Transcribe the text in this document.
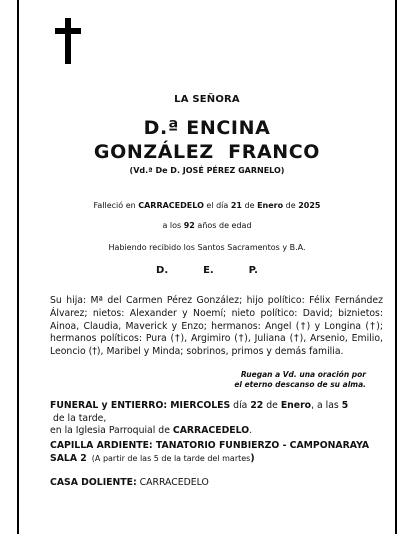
LA SEÑORA
D.ª ENCINA
GONZÁLEZ  FRANCO
(Vd.ª De D. JOSÉ PÉREZ GARNELO)
Falleció en CARRACEDELO el día 21 de Enero de 2025
a los 92 años de edad
Habiendo recibido los Santos Sacramentos y B.A.
D.  E.  P.
Su hija: Mª del Carmen Pérez González; hijo político: Félix Fernández Álvarez; nietos: Alexander y Noemí; nieto político: David; biznietos: Ainoa, Claudia, Maverick y Enzo; hermanos: Angel (†) y Longina (†); hermanos políticos: Pura (†), Argimiro (†), Juliana (†), Arsenio, Emilio, Leoncio (†), Maribel y Minda; sobrinos, primos y demás familia.
Ruegan a Vd. una oración por
el eterno descanso de su alma.
FUNERAL y ENTIERRO: MIERCOLES día 22 de Enero, a las 5 de la tarde,
en la Iglesia Parroquial de CARRACEDELO.
CAPILLA ARDIENTE: TANATORIO FUNBIERZO - CAMPONARAYA
SALA 2  (A partir de las 5 de la tarde del martes)
CASA DOLIENTE: CARRACEDELO
